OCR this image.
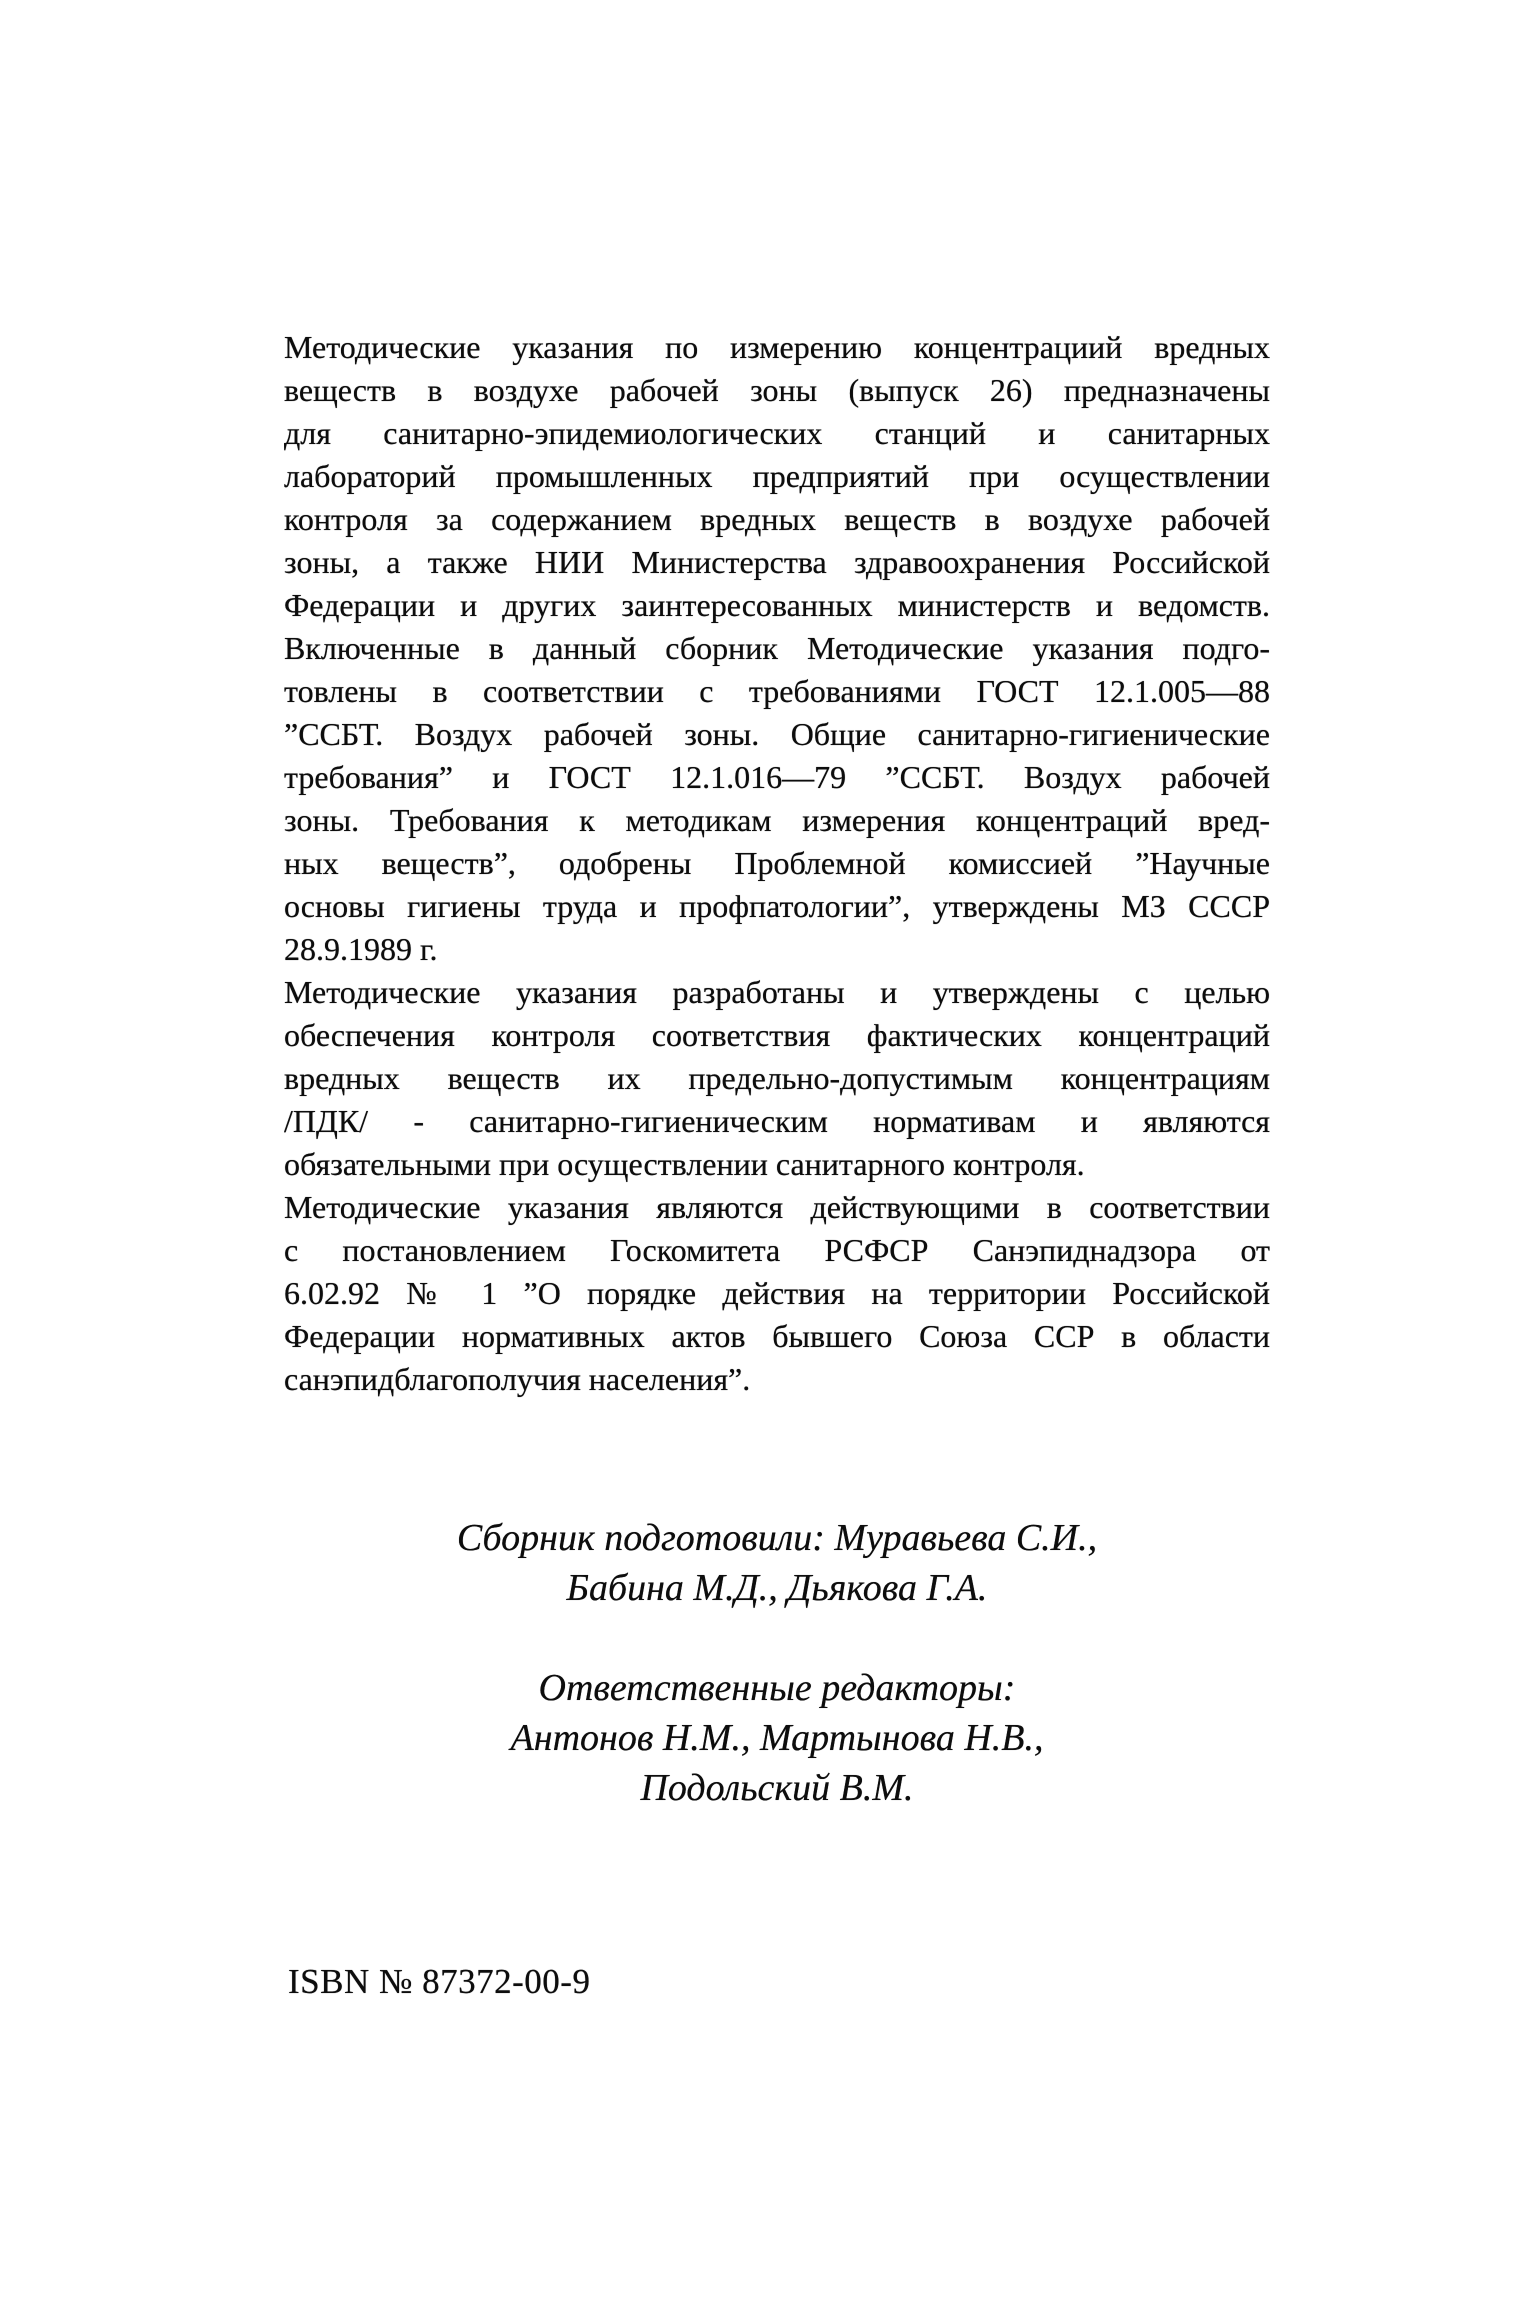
Методические указания по измерению концентрациий вредных
веществ в воздухе рабочей зоны (выпуск 26) предназначены
для санитарно-эпидемиологических станций и санитарных
лабораторий промышленных предприятий при осуществлении
контроля за содержанием вредных веществ в воздухе рабочей
зоны, а также НИИ Министерства здравоохранения Российской
Федерации и других заинтересованных министерств и ведомств.
Включенные в данный сборник Методические указания подго-
товлены в соответствии с требованиями ГОСТ 12.1.005—88
”ССБТ. Воздух рабочей зоны. Общие санитарно-гигиенические
требования” и ГОСТ 12.1.016—79 ”ССБТ. Воздух рабочей
зоны. Требования к методикам измерения концентраций вред-
ных веществ”, одобрены Проблемной комиссией ”Научные
основы гигиены труда и профпатологии”, утверждены МЗ СССР
28.9.1989 г.
Методические указания разработаны и утверждены с целью
обеспечения контроля соответствия фактических концентраций
вредных веществ их предельно-допустимым концентрациям
/ПДК/ - санитарно-гигиеническим нормативам и являются
обязательными при осуществлении санитарного контроля.
Методические указания являются действующими в соответствии
с постановлением Госкомитета РСФСР Санэпиднадзора от
6.02.92 № 1 ”О порядке действия на территории Российской
Федерации нормативных актов бывшего Союза ССР в области
санэпидблагополучия населения”.
Сборник подготовили: Муравьева С.И.,
Бабина М.Д., Дьякова Г.А.
Ответственные редакторы:
Антонов Н.М., Мартынова Н.В.,
Подольский В.М.
ISBN № 87372-00-9
